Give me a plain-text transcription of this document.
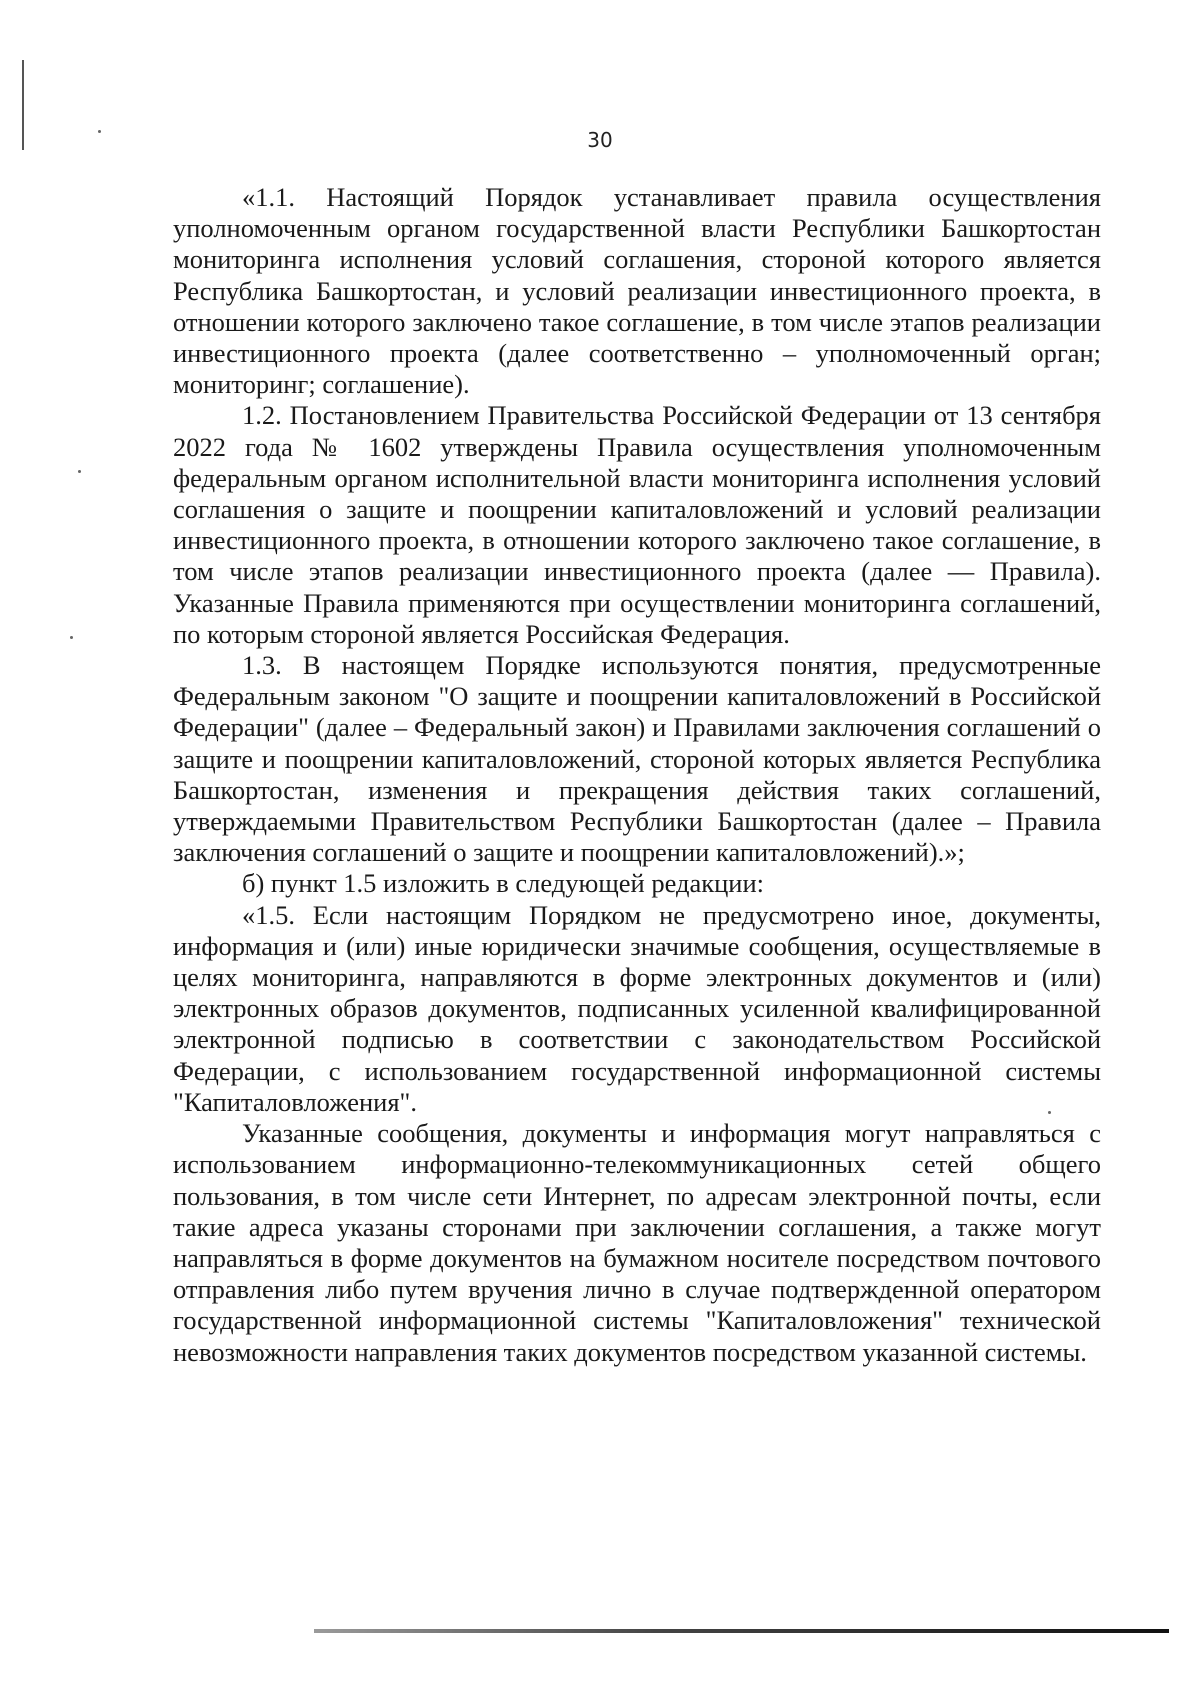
30

«1.1. Настоящий Порядок устанавливает правила осуществления уполномоченным органом государственной власти Республики Башкортостан мониторинга исполнения условий соглашения, стороной которого является Республика Башкортостан, и условий реализации инвестиционного проекта, в отношении которого заключено такое соглашение, в том числе этапов реализации инвестиционного проекта (далее соответственно – уполномоченный орган; мониторинг; соглашение).

1.2. Постановлением Правительства Российской Федерации от 13 сентября 2022 года № 1602 утверждены Правила осуществления уполномоченным федеральным органом исполнительной власти мониторинга исполнения условий соглашения о защите и поощрении капиталовложений и условий реализации инвестиционного проекта, в отношении которого заключено такое соглашение, в том числе этапов реализации инвестиционного проекта (далее — Правила). Указанные Правила применяются при осуществлении мониторинга соглашений, по которым стороной является Российская Федерация.

1.3. В настоящем Порядке используются понятия, предусмотренные Федеральным законом "О защите и поощрении капиталовложений в Российской Федерации" (далее – Федеральный закон) и Правилами заключения соглашений о защите и поощрении капиталовложений, стороной которых является Республика Башкортостан, изменения и прекращения действия таких соглашений, утверждаемыми Правительством Республики Башкортостан (далее – Правила заключения соглашений о защите и поощрении капиталовложений).»;

б) пункт 1.5 изложить в следующей редакции:

«1.5. Если настоящим Порядком не предусмотрено иное, документы, информация и (или) иные юридически значимые сообщения, осуществляемые в целях мониторинга, направляются в форме электронных документов и (или) электронных образов документов, подписанных усиленной квалифицированной электронной подписью в соответствии с законодательством Российской Федерации, с использованием государственной информационной системы "Капиталовложения".

Указанные сообщения, документы и информация могут направляться с использованием информационно-телекоммуникационных сетей общего пользования, в том числе сети Интернет, по адресам электронной почты, если такие адреса указаны сторонами при заключении соглашения, а также могут направляться в форме документов на бумажном носителе посредством почтового отправления либо путем вручения лично в случае подтвержденной оператором государственной информационной системы "Капиталовложения" технической невозможности направления таких документов посредством указанной системы.
